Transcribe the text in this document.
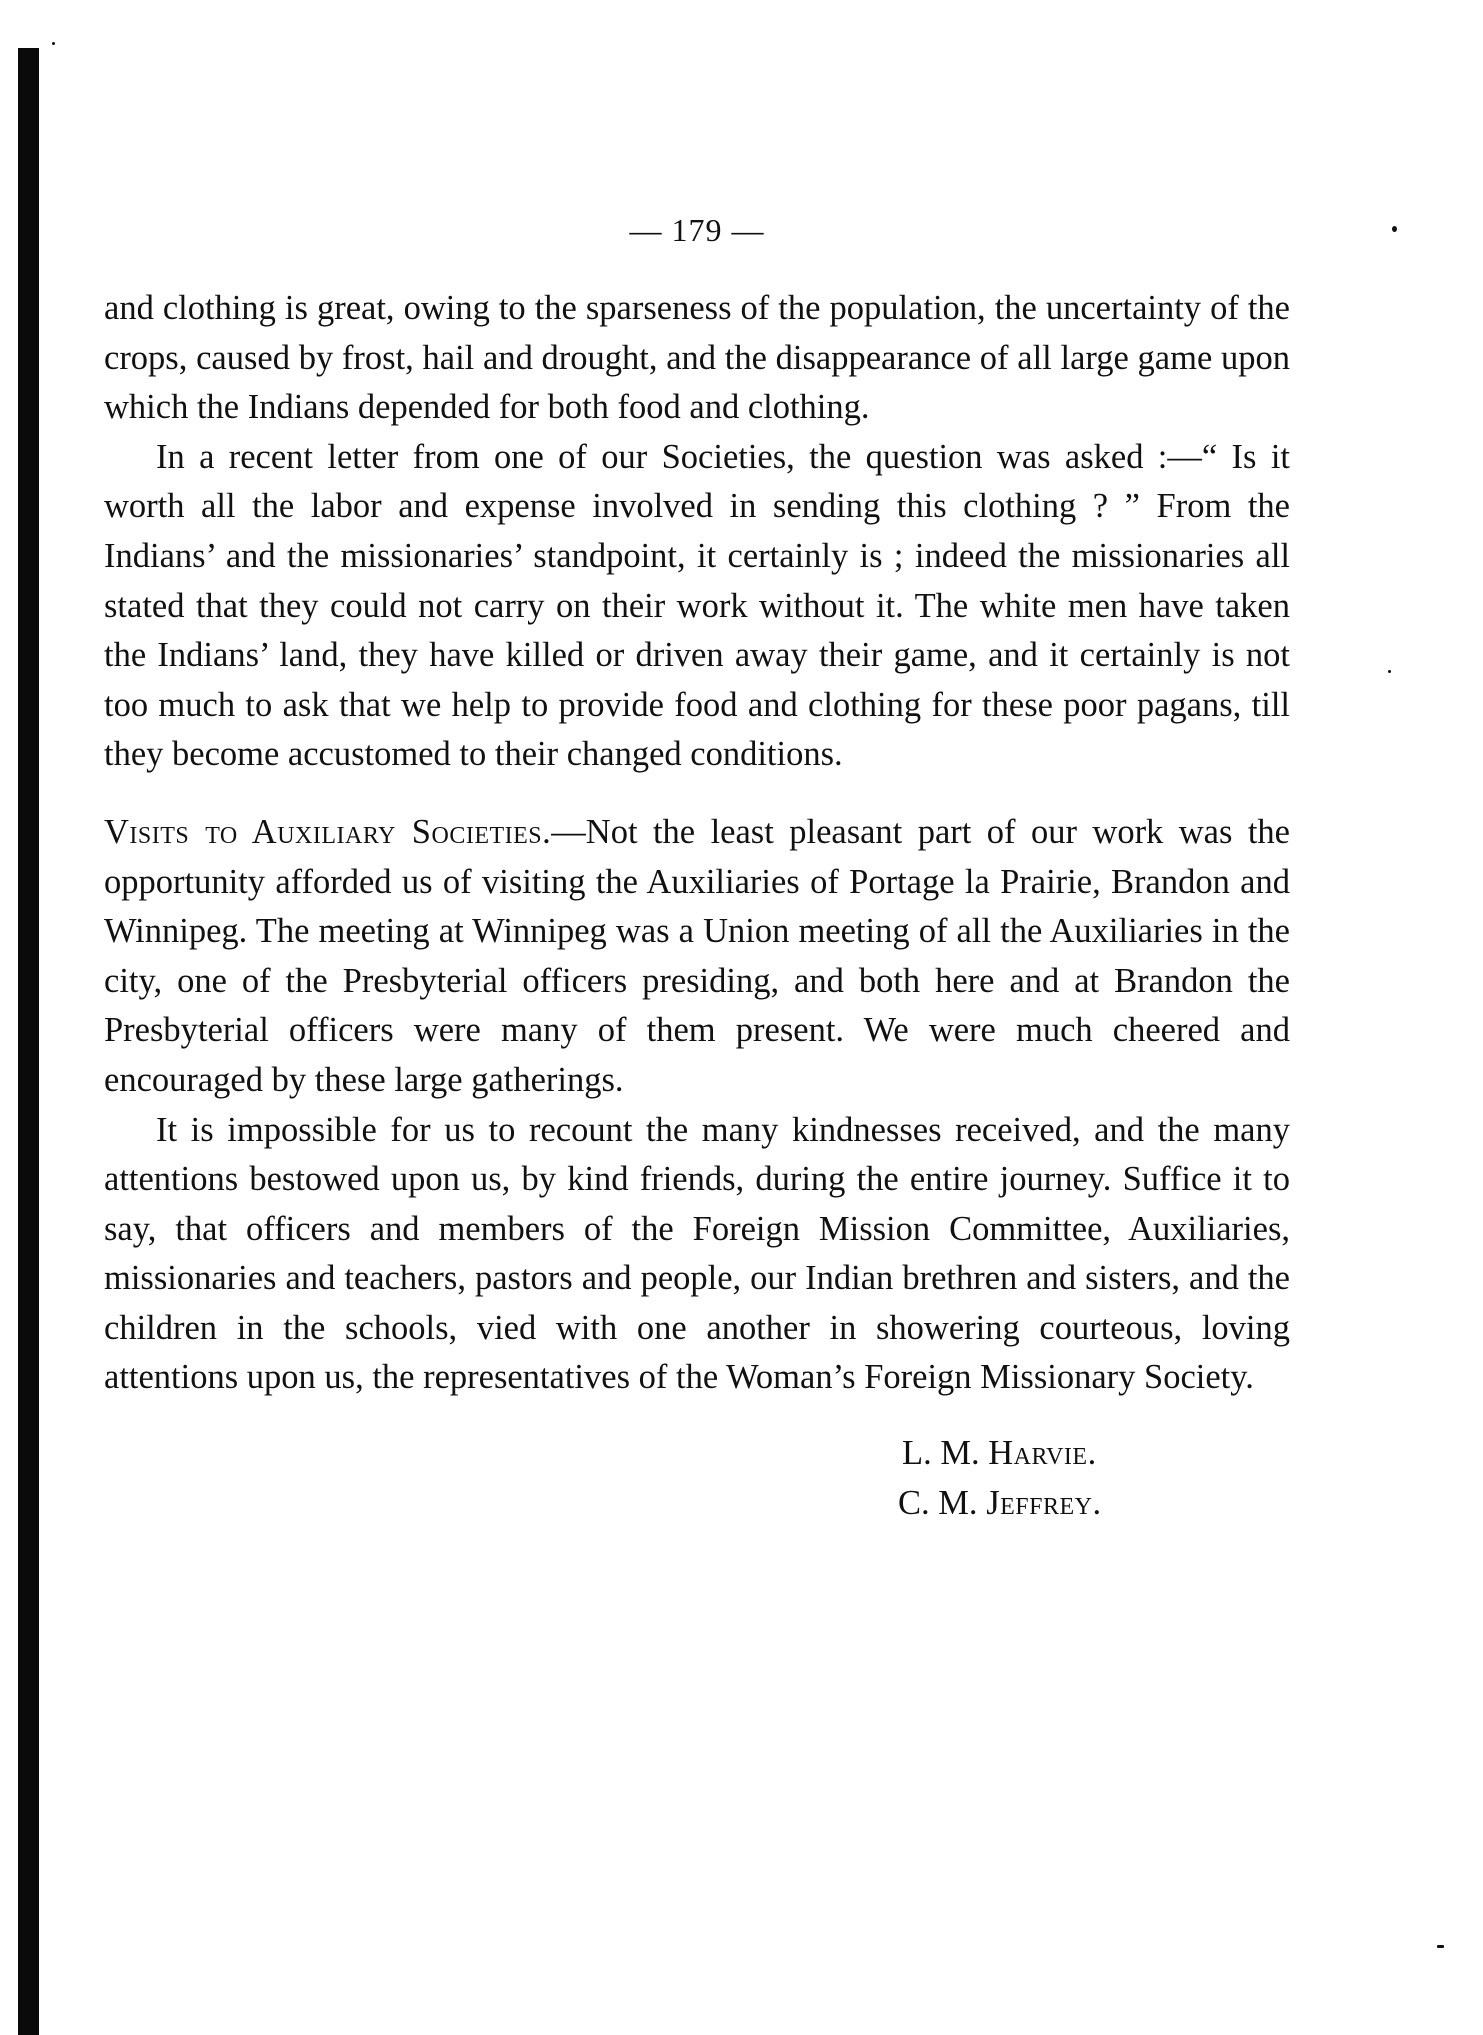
— 179 —

and clothing is great, owing to the sparseness of the population, the uncertainty of the crops, caused by frost, hail and drought, and the disappearance of all large game upon which the Indians depended for both food and clothing.

In a recent letter from one of our Societies, the question was asked :—“ Is it worth all the labor and expense involved in sending this clothing ? ” From the Indians’ and the missionaries’ standpoint, it certainly is ; indeed the missionaries all stated that they could not carry on their work without it. The white men have taken the Indians’ land, they have killed or driven away their game, and it certainly is not too much to ask that we help to provide food and clothing for these poor pagans, till they become accustomed to their changed conditions.

Visits to Auxiliary Societies.—Not the least pleasant part of our work was the opportunity afforded us of visiting the Auxiliaries of Portage la Prairie, Brandon and Winnipeg. The meeting at Winnipeg was a Union meeting of all the Auxiliaries in the city, one of the Presbyterial officers presiding, and both here and at Brandon the Presbyterial officers were many of them present. We were much cheered and encouraged by these large gatherings.

It is impossible for us to recount the many kindnesses received, and the many attentions bestowed upon us, by kind friends, during the entire journey. Suffice it to say, that officers and members of the Foreign Mission Committee, Auxiliaries, missionaries and teachers, pastors and people, our Indian brethren and sisters, and the children in the schools, vied with one another in showering courteous, loving attentions upon us, the representatives of the Woman’s Foreign Missionary Society.

L. M. Harvie.
C. M. Jeffrey.
